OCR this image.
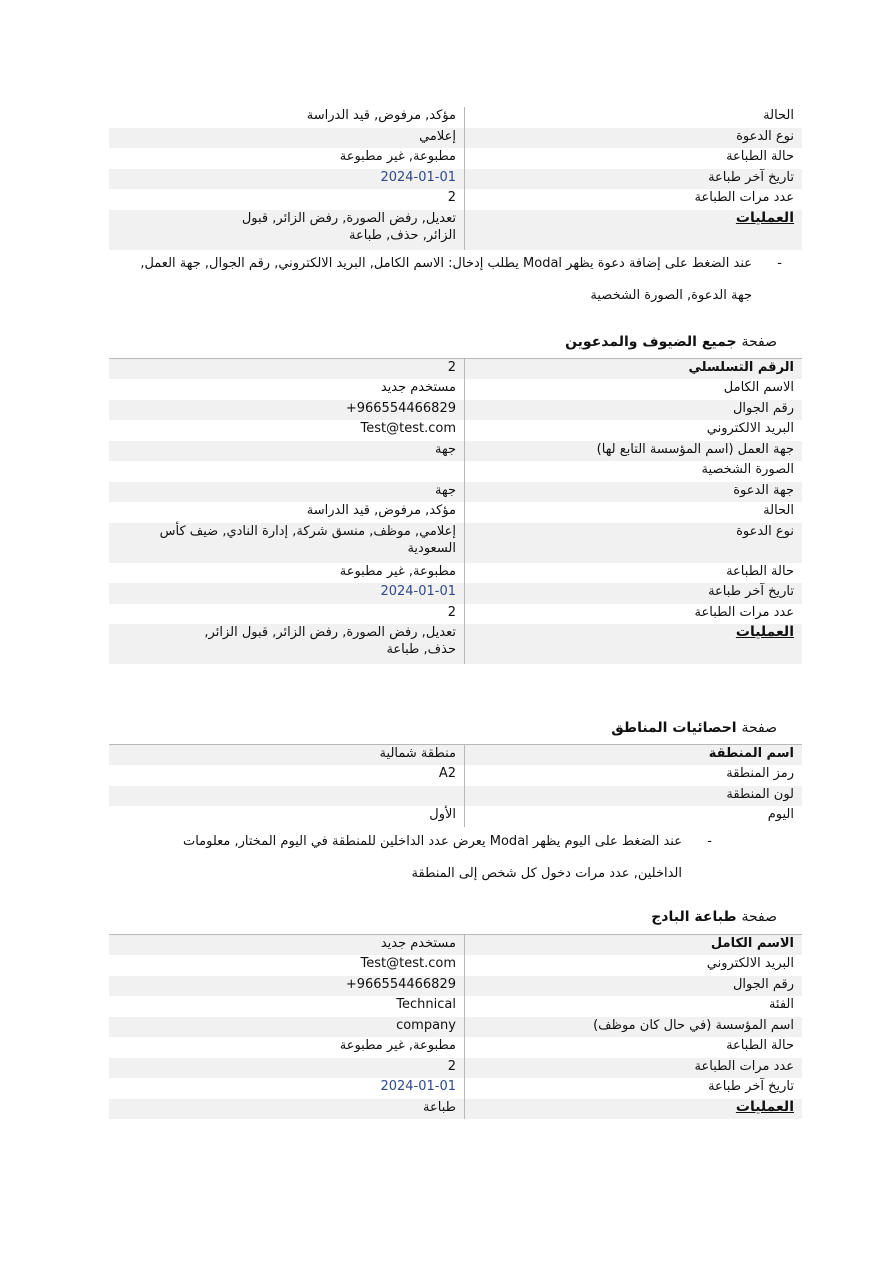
الحالة	مؤكد, مرفوض, قيد الدراسة
نوع الدعوة	إعلامي
حالة الطباعة	مطبوعة, غير مطبوعة
تاريخ آخر طباعة	2024-01-01
عدد مرات الطباعة	2
العمليات	تعديل, رفض الصورة, رفض الزائر, قبول الزائر, حذف, طباعة
-
عند الضغط على إضافة دعوة يظهر Modal يطلب إدخال: الاسم الكامل, البريد الالكتروني, رقم الجوال, جهة العمل, جهة الدعوة, الصورة الشخصية
صفحة جميع الضيوف والمدعوين
الرقم التسلسلي	2
الاسم الكامل	مستخدم جديد
رقم الجوال	+966554466829
البريد الالكتروني	Test@test.com
جهة العمل (اسم المؤسسة التابع لها)	جهة
الصورة الشخصية	
جهة الدعوة	جهة
الحالة	مؤكد, مرفوض, قيد الدراسة
نوع الدعوة	إعلامي, موظف, منسق شركة, إدارة النادي, ضيف كأس السعودية
حالة الطباعة	مطبوعة, غير مطبوعة
تاريخ آخر طباعة	2024-01-01
عدد مرات الطباعة	2
العمليات	تعديل, رفض الصورة, رفض الزائر, قبول الزائر, حذف, طباعة
صفحة احصائيات المناطق
اسم المنطقة	منطقة شمالية
رمز المنطقة	A2
لون المنطقة	
اليوم	الأول
-
عند الضغط على اليوم يظهر Modal يعرض عدد الداخلين للمنطقة في اليوم المختار, معلومات الداخلين, عدد مرات دخول كل شخص إلى المنطقة
صفحة طباعة البادج
الاسم الكامل	مستخدم جديد
البريد الالكتروني	Test@test.com
رقم الجوال	+966554466829
الفئة	Technical
اسم المؤسسة (في حال كان موظف)	company
حالة الطباعة	مطبوعة, غير مطبوعة
عدد مرات الطباعة	2
تاريخ آخر طباعة	2024-01-01
العمليات	طباعة
